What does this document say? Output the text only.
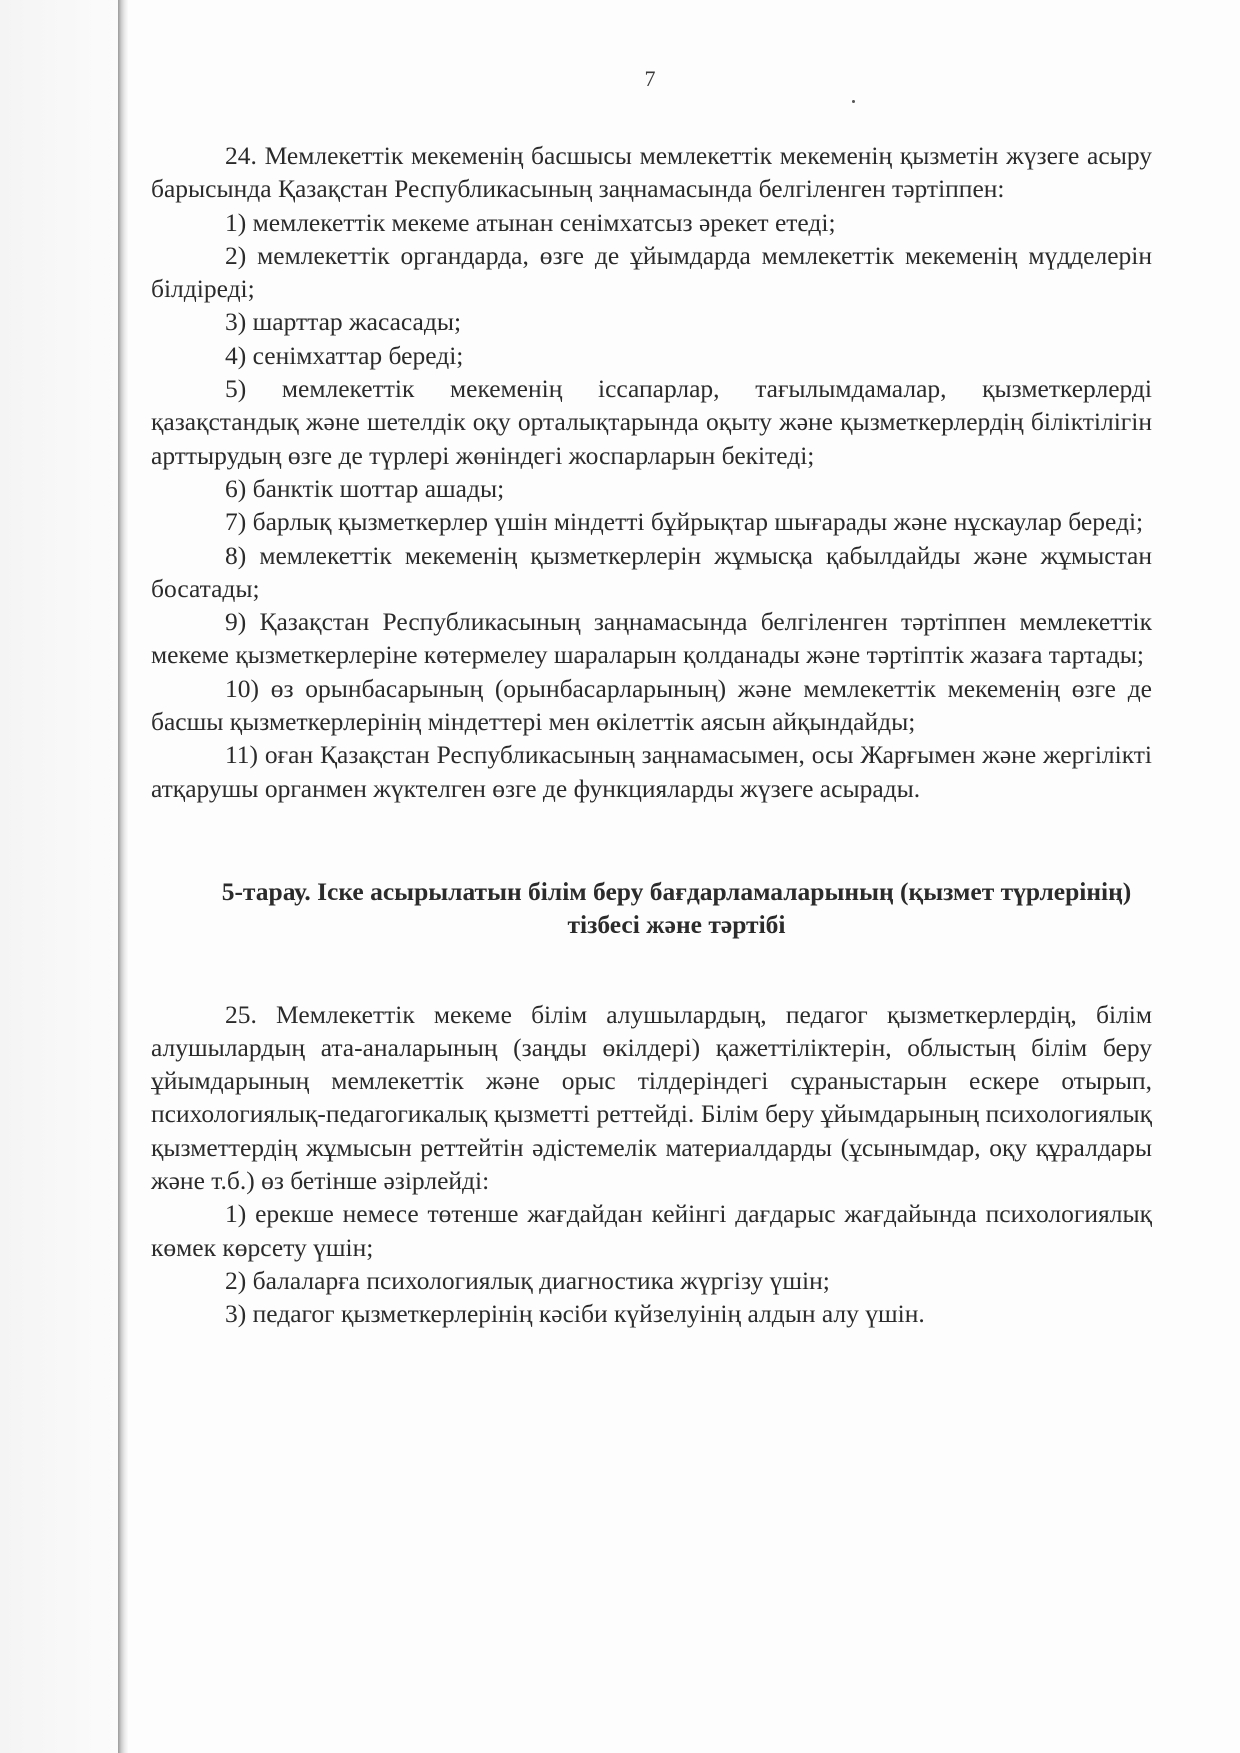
7

24. Мемлекеттік мекеменің басшысы мемлекеттік мекеменің қызметін жүзеге асыру барысында Қазақстан Республикасының заңнамасында белгіленген тәртіппен:

1) мемлекеттік мекеме атынан сенімхатсыз әрекет етеді;

2) мемлекеттік органдарда, өзге де ұйымдарда мемлекеттік мекеменің мүдделерін білдіреді;

3) шарттар жасасады;

4) сенімхаттар береді;

5) мемлекеттік мекеменің іссапарлар, тағылымдамалар, қызметкерлерді қазақстандық және шетелдік оқу орталықтарында оқыту және қызметкерлердің біліктілігін арттырудың өзге де түрлері жөніндегі жоспарларын бекітеді;

6) банктік шоттар ашады;

7) барлық қызметкерлер үшін міндетті бұйрықтар шығарады және нұскаулар береді;

8) мемлекеттік мекеменің қызметкерлерін жұмысқа қабылдайды және жұмыстан босатады;

9) Қазақстан Республикасының заңнамасында белгіленген тәртіппен мемлекеттік мекеме қызметкерлеріне көтермелеу шараларын қолданады және тәртіптік жазаға тартады;

10) өз орынбасарының (орынбасарларының) және мемлекеттік мекеменің өзге де басшы қызметкерлерінің міндеттері мен өкілеттік аясын айқындайды;

11) оған Қазақстан Республикасының заңнамасымен, осы Жарғымен және жергілікті атқарушы органмен жүктелген өзге де функцияларды жүзеге асырады.

5-тарау. Іске асырылатын білім беру бағдарламаларының (қызмет түрлерінің) тізбесі және тәртібі

25. Мемлекеттік мекеме білім алушылардың, педагог қызметкерлердің, білім алушылардың ата-аналарының (заңды өкілдері) қажеттіліктерін, облыстың білім беру ұйымдарының мемлекеттік және орыс тілдеріндегі сұраныстарын ескере отырып, психологиялық-педагогикалық қызметті реттейді. Білім беру ұйымдарының психологиялық қызметтердің жұмысын реттейтін әдістемелік материалдарды (ұсынымдар, оқу құралдары және т.б.) өз бетінше әзірлейді:

1) ерекше немесе төтенше жағдайдан кейінгі дағдарыс жағдайында психологиялық көмек көрсету үшін;

2) балаларға психологиялық диагностика жүргізу үшін;

3) педагог қызметкерлерінің кәсіби күйзелуінің алдын алу үшін.
